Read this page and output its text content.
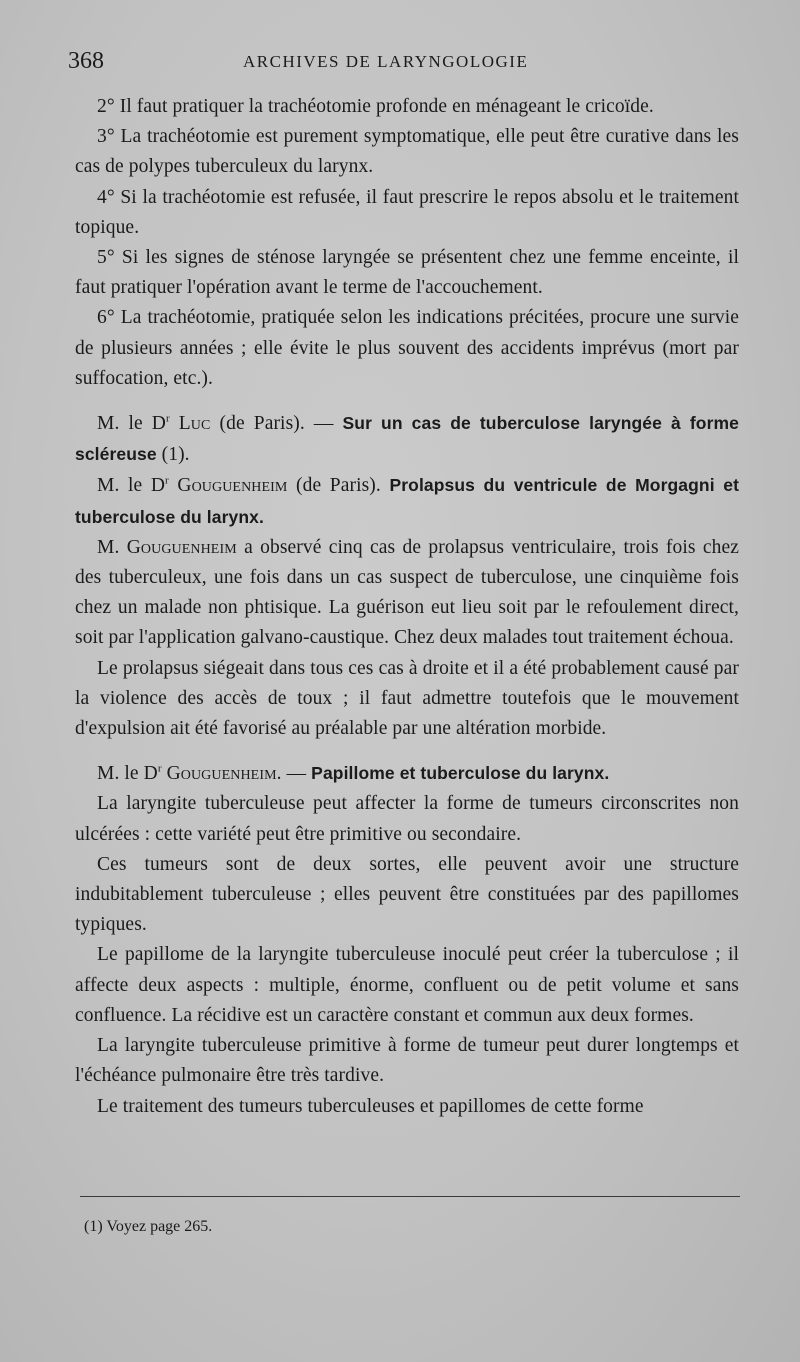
368	ARCHIVES DE LARYNGOLOGIE

2° Il faut pratiquer la trachéotomie profonde en ménageant le cricoïde.

3° La trachéotomie est purement symptomatique, elle peut être curative dans les cas de polypes tuberculeux du larynx.

4° Si la trachéotomie est refusée, il faut prescrire le repos absolu et le traitement topique.

5° Si les signes de sténose laryngée se présentent chez une femme enceinte, il faut pratiquer l'opération avant le terme de l'accouchement.

6° La trachéotomie, pratiquée selon les indications précitées, procure une survie de plusieurs années ; elle évite le plus souvent des accidents imprévus (mort par suffocation, etc.).

M. le $D^r$ Luc (de Paris). — Sur un cas de tuberculose laryngée à forme scléreuse (1).

M. le $D^r$ Gouguenheim (de Paris). Prolapsus du ventricule de Morgagni et tuberculose du larynx.

M. Gouguenheim a observé cinq cas de prolapsus ventriculaire, trois fois chez des tuberculeux, une fois dans un cas suspect de tuberculose, une cinquième fois chez un malade non phtisique. La guérison eut lieu soit par le refoulement direct, soit par l'application galvano-caustique. Chez deux malades tout traitement échoua.

Le prolapsus siégeait dans tous ces cas à droite et il a été probablement causé par la violence des accès de toux ; il faut admettre toutefois que le mouvement d'expulsion ait été favorisé au préalable par une altération morbide.

M. le $D^r$ Gouguenheim. — Papillome et tuberculose du larynx.

La laryngite tuberculeuse peut affecter la forme de tumeurs circonscrites non ulcérées : cette variété peut être primitive ou secondaire.

Ces tumeurs sont de deux sortes, elle peuvent avoir une structure indubitablement tuberculeuse ; elles peuvent être constituées par des papillomes typiques.

Le papillome de la laryngite tuberculeuse inoculé peut créer la tuberculose ; il affecte deux aspects : multiple, énorme, confluent ou de petit volume et sans confluence. La récidive est un caractère constant et commun aux deux formes.

La laryngite tuberculeuse primitive à forme de tumeur peut durer longtemps et l'échéance pulmonaire être très tardive.

Le traitement des tumeurs tuberculeuses et papillomes de cette forme

(1) Voyez page 265.
